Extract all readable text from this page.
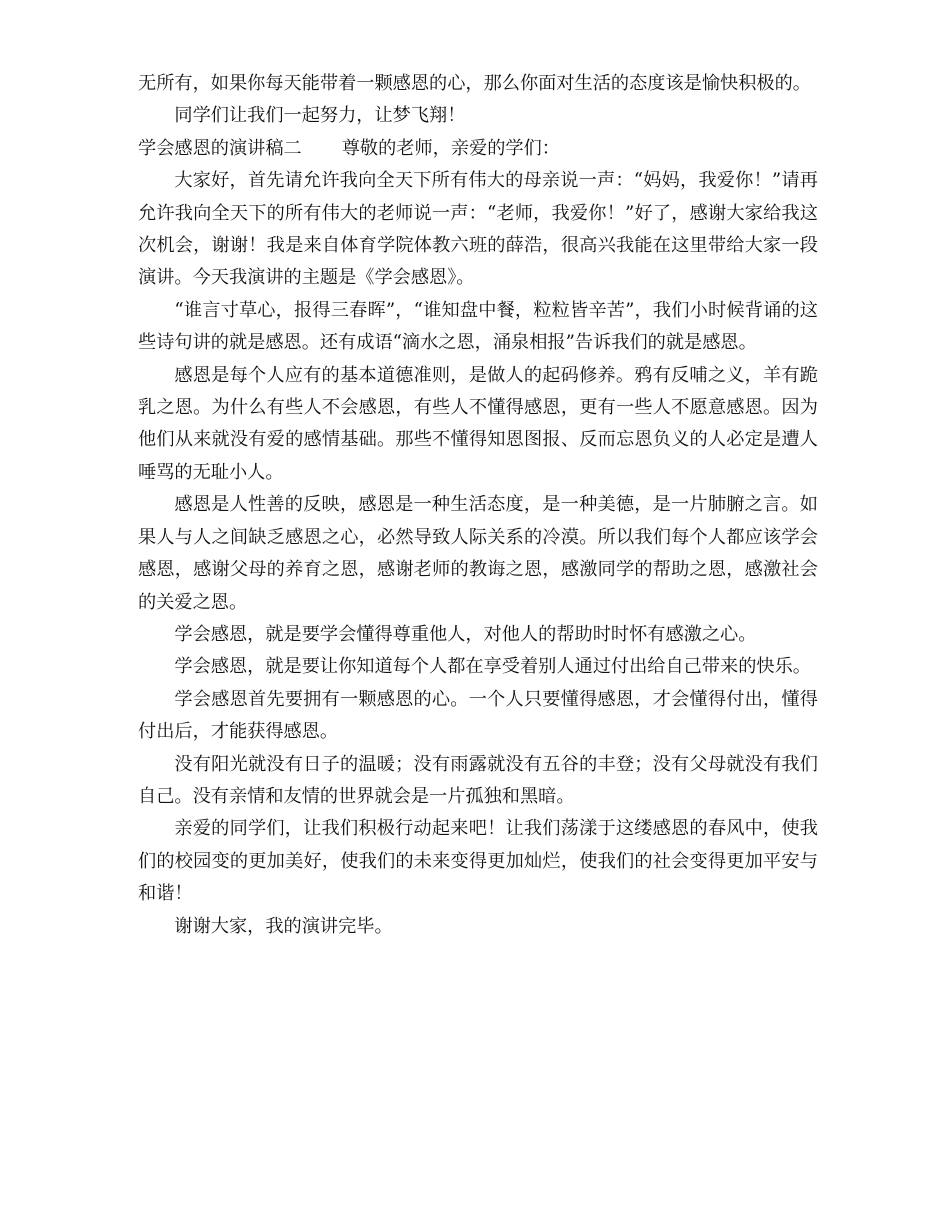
无所有，如果你每天能带着一颗感恩的心，那么你面对生活的态度该是愉快积极的。

同学们让我们一起努力，让梦飞翔！

学会感恩的演讲稿二 尊敬的老师，亲爱的学们：

大家好，首先请允许我向全天下所有伟大的母亲说一声：“妈妈，我爱你！”请再允许我向全天下的所有伟大的老师说一声：“老师，我爱你！”好了，感谢大家给我这次机会，谢谢！我是来自体育学院体教六班的薛浩，很高兴我能在这里带给大家一段演讲。今天我演讲的主题是《学会感恩》。

“谁言寸草心，报得三春晖”，“谁知盘中餐，粒粒皆辛苦”，我们小时候背诵的这些诗句讲的就是感恩。还有成语“滴水之恩，涌泉相报”告诉我们的就是感恩。

感恩是每个人应有的基本道德准则，是做人的起码修养。鸦有反哺之义，羊有跪乳之恩。为什么有些人不会感恩，有些人不懂得感恩，更有一些人不愿意感恩。因为他们从来就没有爱的感情基础。那些不懂得知恩图报、反而忘恩负义的人必定是遭人唾骂的无耻小人。

感恩是人性善的反映，感恩是一种生活态度，是一种美德，是一片肺腑之言。如果人与人之间缺乏感恩之心，必然导致人际关系的冷漠。所以我们每个人都应该学会感恩，感谢父母的养育之恩，感谢老师的教诲之恩，感激同学的帮助之恩，感激社会的关爱之恩。

学会感恩，就是要学会懂得尊重他人，对他人的帮助时时怀有感激之心。

学会感恩，就是要让你知道每个人都在享受着别人通过付出给自己带来的快乐。

学会感恩首先要拥有一颗感恩的心。一个人只要懂得感恩，才会懂得付出，懂得付出后，才能获得感恩。

没有阳光就没有日子的温暖；没有雨露就没有五谷的丰登；没有父母就没有我们自己。没有亲情和友情的世界就会是一片孤独和黑暗。

亲爱的同学们，让我们积极行动起来吧！让我们荡漾于这缕感恩的春风中，使我们的校园变的更加美好，使我们的未来变得更加灿烂，使我们的社会变得更加平安与和谐！

谢谢大家，我的演讲完毕。
